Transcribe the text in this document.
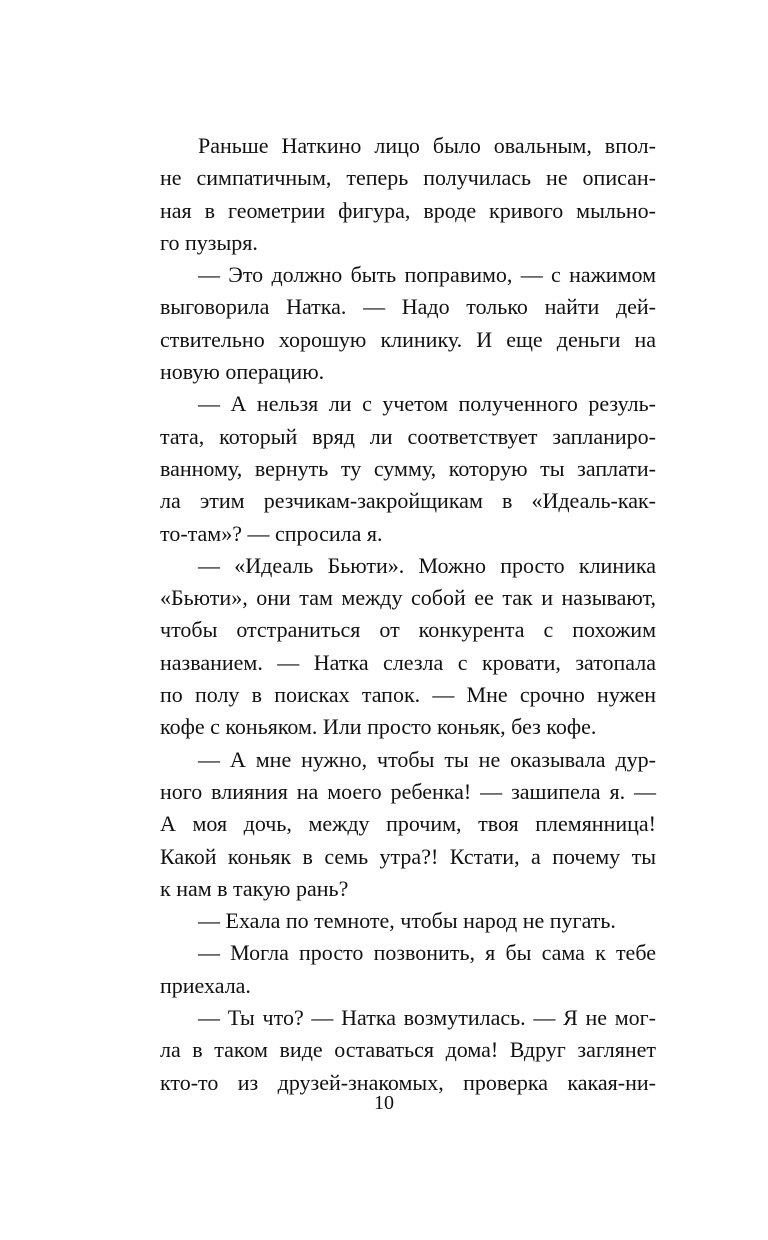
Раньше Наткино лицо было овальным, впол-
не симпатичным, теперь получилась не описан-
ная в геометрии фигура, вроде кривого мыльно-
го пузыря.
— Это должно быть поправимо, — с нажимом
выговорила Натка. — Надо только найти дей-
ствительно хорошую клинику. И еще деньги на
новую операцию.
— А нельзя ли с учетом полученного резуль-
тата, который вряд ли соответствует запланиро-
ванному, вернуть ту сумму, которую ты заплати-
ла этим резчикам-закройщикам в «Идеаль-как-
то-там»? — спросила я.
— «Идеаль Бьюти». Можно просто клиника
«Бьюти», они там между собой ее так и называют,
чтобы отстраниться от конкурента с похожим
названием. — Натка слезла с кровати, затопала
по полу в поисках тапок. — Мне срочно нужен
кофе с коньяком. Или просто коньяк, без кофе.
— А мне нужно, чтобы ты не оказывала дур-
ного влияния на моего ребенка! — зашипела я. —
А моя дочь, между прочим, твоя племянница!
Какой коньяк в семь утра?! Кстати, а почему ты
к нам в такую рань?
— Ехала по темноте, чтобы народ не пугать.
— Могла просто позвонить, я бы сама к тебе
приехала.
— Ты что? — Натка возмутилась. — Я не мог-
ла в таком виде оставаться дома! Вдруг заглянет
кто-то из друзей-знакомых, проверка какая-ни-
10
